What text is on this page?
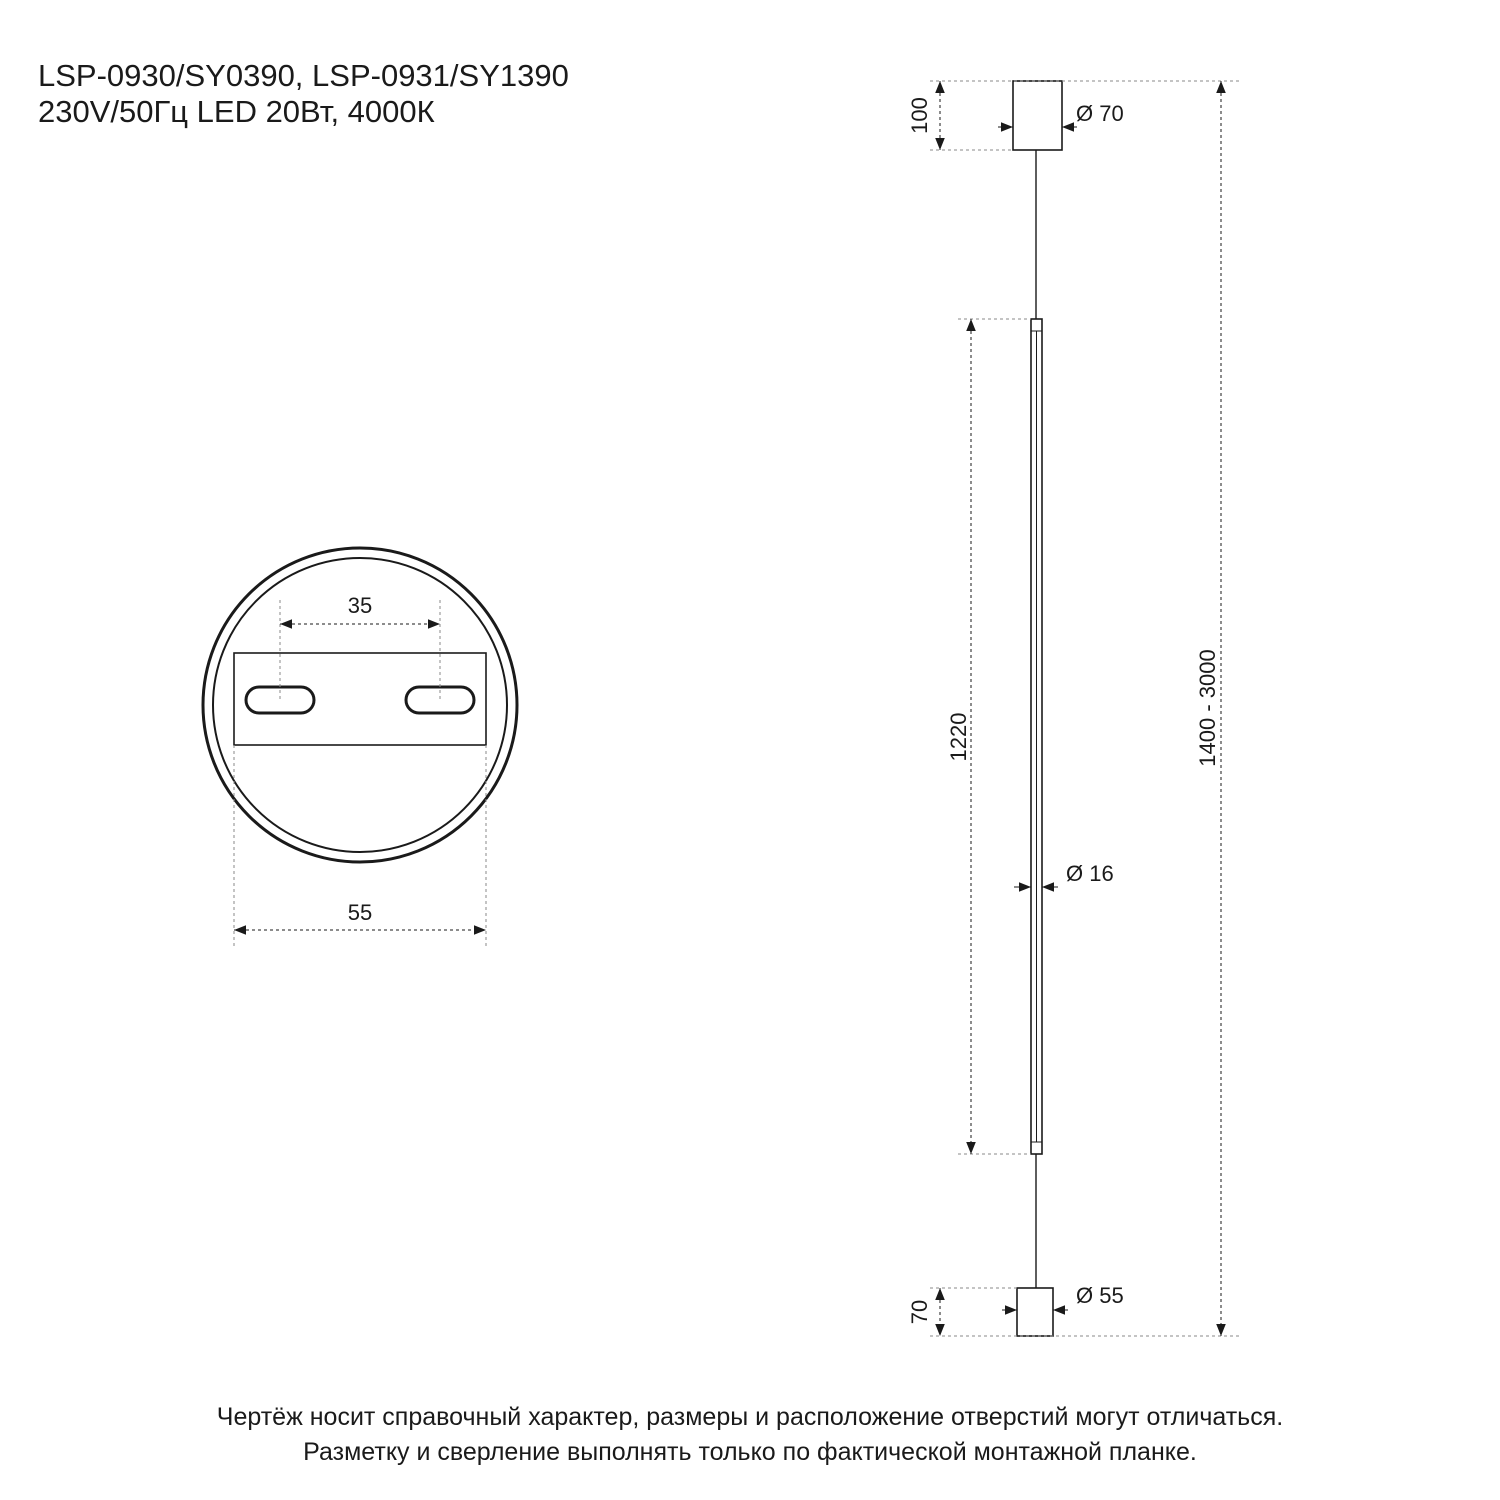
LSP-0930/SY0390, LSP-0931/SY1390
230V/50Гц LED 20Вт, 4000К
35
55
100	Ø 70
1220
Ø 16
1400 - 3000
70
Ø 55
Чертёж носит справочный характер, размеры и расположение отверстий могут отличаться.
Разметку и сверление выполнять только по фактической монтажной планке.
